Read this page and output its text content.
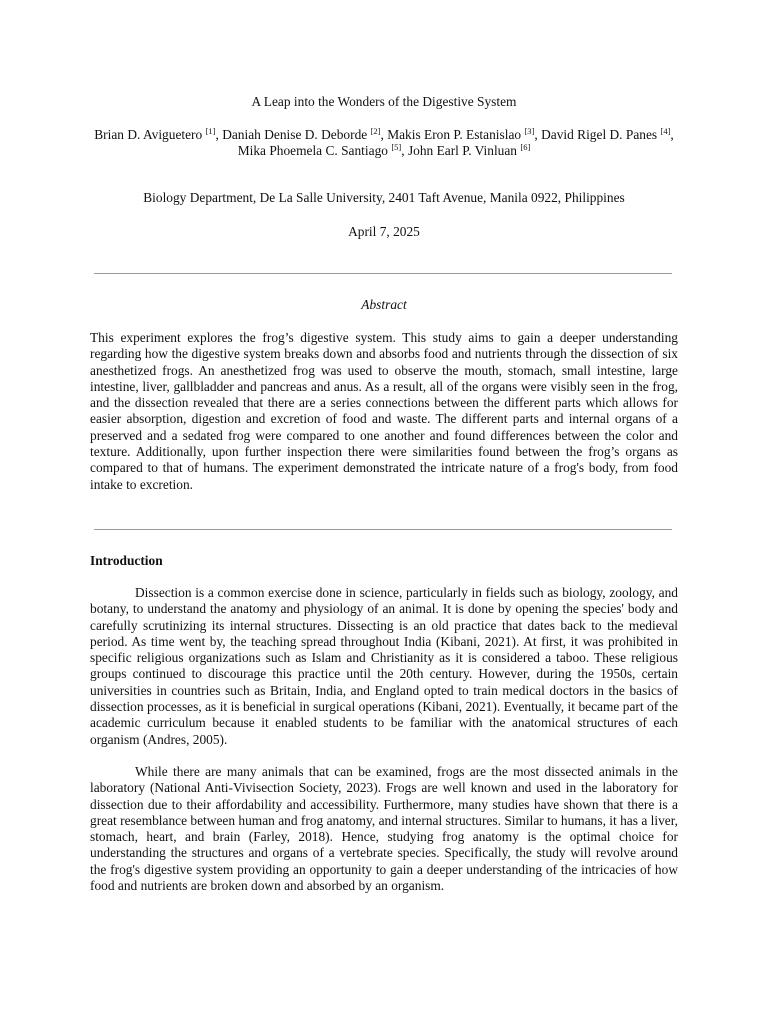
A Leap into the Wonders of the Digestive System
Brian D. Aviguetero [1], Daniah Denise D. Deborde [2], Makis Eron P. Estanislao [3], David Rigel D. Panes [4], Mika Phoemela C. Santiago [5], John Earl P. Vinluan [6]
Biology Department, De La Salle University, 2401 Taft Avenue, Manila 0922, Philippines
April 7, 2025
Abstract

This experiment explores the frog’s digestive system. This study aims to gain a deeper understanding regarding how the digestive system breaks down and absorbs food and nutrients through the dissection of six anesthetized frogs. An anesthetized frog was used to observe the mouth, stomach, small intestine, large intestine, liver, gallbladder and pancreas and anus. As a result, all of the organs were visibly seen in the frog, and the dissection revealed that there are a series connections between the different parts which allows for easier absorption, digestion and excretion of food and waste. The different parts and internal organs of a preserved and a sedated frog were compared to one another and found differences between the color and texture. Additionally, upon further inspection there were similarities found between the frog’s organs as compared to that of humans. The experiment demonstrated the intricate nature of a frog's body, from food intake to excretion.

Introduction

Dissection is a common exercise done in science, particularly in fields such as biology, zoology, and botany, to understand the anatomy and physiology of an animal. It is done by opening the species' body and carefully scrutinizing its internal structures. Dissecting is an old practice that dates back to the medieval period. As time went by, the teaching spread throughout India (Kibani, 2021). At first, it was prohibited in specific religious organizations such as Islam and Christianity as it is considered a taboo. These religious groups continued to discourage this practice until the 20th century. However, during the 1950s, certain universities in countries such as Britain, India, and England opted to train medical doctors in the basics of dissection processes, as it is beneficial in surgical operations (Kibani, 2021). Eventually, it became part of the academic curriculum because it enabled students to be familiar with the anatomical structures of each organism (Andres, 2005).

While there are many animals that can be examined, frogs are the most dissected animals in the laboratory (National Anti-Vivisection Society, 2023). Frogs are well known and used in the laboratory for dissection due to their affordability and accessibility. Furthermore, many studies have shown that there is a great resemblance between human and frog anatomy, and internal structures. Similar to humans, it has a liver, stomach, heart, and brain (Farley, 2018). Hence, studying frog anatomy is the optimal choice for understanding the structures and organs of a vertebrate species. Specifically, the study will revolve around the frog's digestive system providing an opportunity to gain a deeper understanding of the intricacies of how food and nutrients are broken down and absorbed by an organism.
